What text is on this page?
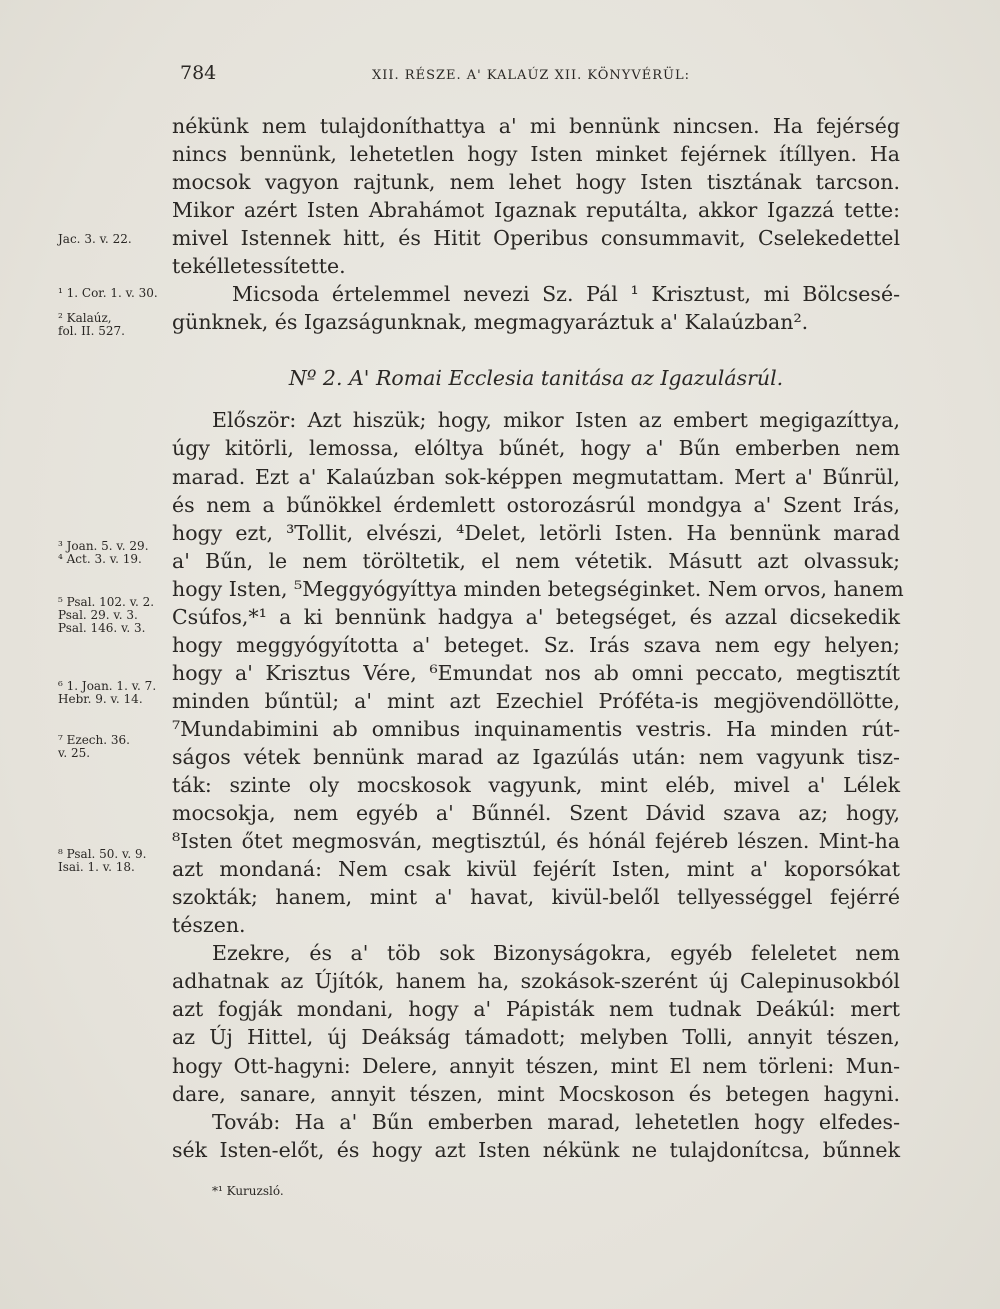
784	XII. RÉSZE. A' KALAÚZ XII. KÖNYVÉRÜL:
nékünk nem tulajdoníthattya a' mi bennünk nincsen. Ha fejérség
nincs bennünk, lehetetlen hogy Isten minket fejérnek ítíllyen. Ha
mocsok vagyon rajtunk, nem lehet hogy Isten tisztának tarcson.
Mikor azért Isten Abrahámot Igaznak reputálta, akkor Igazzá tette:
mivel Istennek hitt, és Hitit Operibus consummavit, Cselekedettel
tekélletessítette.
Micsoda értelemmel nevezi Sz. Pál ¹ Krisztust, mi Bölcsesé-
günknek, és Igazságunknak, megmagyaráztuk a' Kalaúzban².
Nº 2. A' Romai Ecclesia tanitása az Igazulásrúl.
Először: Azt hiszük; hogy, mikor Isten az embert megigazíttya,
úgy kitörli, lemossa, elóltya bűnét, hogy a' Bűn emberben nem
marad. Ezt a' Kalaúzban sok-képpen megmutattam. Mert a' Bűnrül,
és nem a bűnökkel érdemlett ostorozásrúl mondgya a' Szent Irás,
hogy ezt, ³Tollit, elvészi, ⁴Delet, letörli Isten. Ha bennünk marad
a' Bűn, le nem töröltetik, el nem vétetik. Másutt azt olvassuk;
hogy Isten, ⁵Meggyógyíttya minden betegséginket. Nem orvos, hanem
Csúfos,*¹ a ki bennünk hadgya a' betegséget, és azzal dicsekedik
hogy meggyógyította a' beteget. Sz. Irás szava nem egy helyen;
hogy a' Krisztus Vére, ⁶Emundat nos ab omni peccato, megtisztít
minden bűntül; a' mint azt Ezechiel Próféta-is megjövendöllötte,
⁷Mundabimini ab omnibus inquinamentis vestris. Ha minden rút-
ságos vétek bennünk marad az Igazúlás után: nem vagyunk tisz-
ták: szinte oly mocskosok vagyunk, mint eléb, mivel a' Lélek
mocsokja, nem egyéb a' Bűnnél. Szent Dávid szava az; hogy,
⁸Isten őtet megmosván, megtisztúl, és hónál fejéreb lészen. Mint-ha
azt mondaná: Nem csak kivül fejérít Isten, mint a' koporsókat
szokták; hanem, mint a' havat, kivül-belől tellyességgel fejérré
tészen.
Ezekre, és a' töb sok Bizonyságokra, egyéb feleletet nem
adhatnak az Újítók, hanem ha, szokások-szerént új Calepinusokból
azt fogják mondani, hogy a' Pápisták nem tudnak Deákúl: mert
az Új Hittel, új Deákság támadott; melyben Tolli, annyit tészen,
hogy Ott-hagyni: Delere, annyit tészen, mint El nem törleni: Mun-
dare, sanare, annyit tészen, mint Mocskoson és betegen hagyni.
Továb: Ha a' Bűn emberben marad, lehetetlen hogy elfedes-
sék Isten-előt, és hogy azt Isten nékünk ne tulajdonítcsa, bűnnek
Jac. 3. v. 22.
¹ 1. Cor. 1. v. 30.
² Kalaúz,
fol. II. 527.
³ Joan. 5. v. 29.
⁴ Act. 3. v. 19.
⁵ Psal. 102. v. 2.
Psal. 29. v. 3.
Psal. 146. v. 3.
⁶ 1. Joan. 1. v. 7.
Hebr. 9. v. 14.
⁷ Ezech. 36.
v. 25.
⁸ Psal. 50. v. 9.
Isai. 1. v. 18.
*¹ Kuruzsló.
